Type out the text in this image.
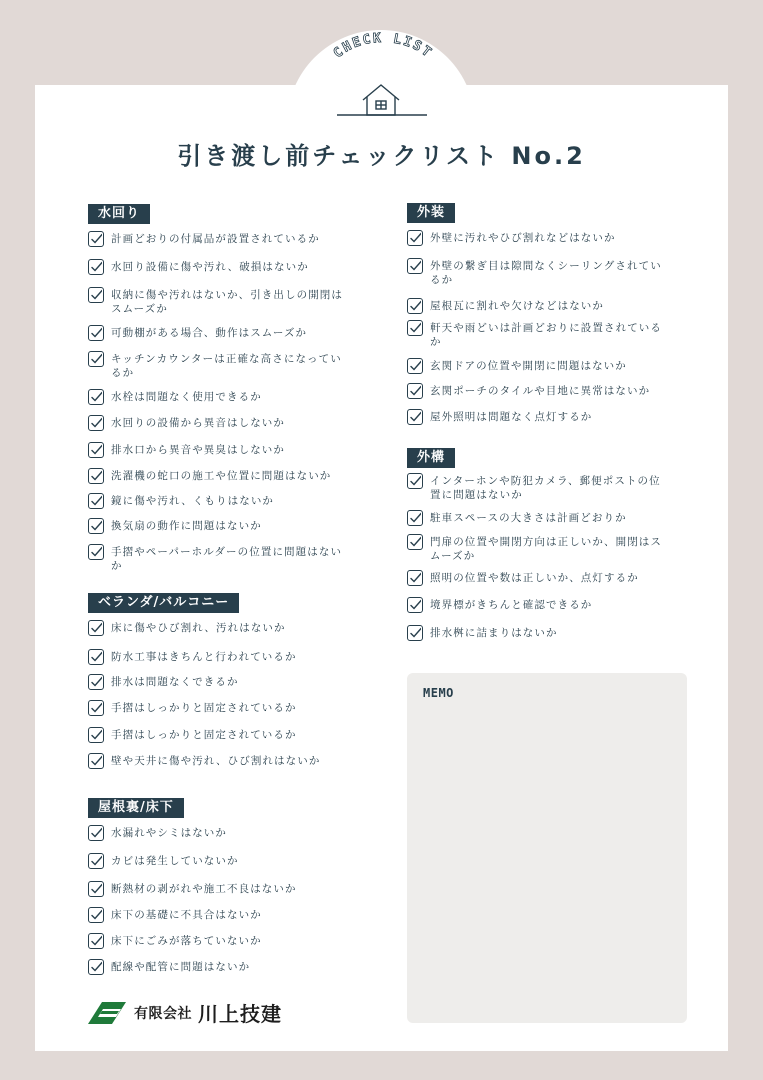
CHECK LIST
引き渡し前チェックリスト No.2
水回り
計画どおりの付属品が設置されているか
水回り設備に傷や汚れ、破損はないか
収納に傷や汚れはないか、引き出しの開閉は
スムーズか
可動棚がある場合、動作はスムーズか
キッチンカウンターは正確な高さになってい
るか
水栓は問題なく使用できるか
水回りの設備から異音はしないか
排水口から異音や異臭はしないか
洗濯機の蛇口の施工や位置に問題はないか
鏡に傷や汚れ、くもりはないか
換気扇の動作に問題はないか
手摺やペーパーホルダーの位置に問題はない
か
ベランダ/バルコニー
床に傷やひび割れ、汚れはないか
防水工事はきちんと行われているか
排水は問題なくできるか
手摺はしっかりと固定されているか
手摺はしっかりと固定されているか
壁や天井に傷や汚れ、ひび割れはないか
屋根裏/床下
水漏れやシミはないか
カビは発生していないか
断熱材の剥がれや施工不良はないか
床下の基礎に不具合はないか
床下にごみが落ちていないか
配線や配管に問題はないか
外装
外壁に汚れやひび割れなどはないか
外壁の繋ぎ目は隙間なくシーリングされてい
るか
屋根瓦に割れや欠けなどはないか
軒天や雨どいは計画どおりに設置されている
か
玄関ドアの位置や開閉に問題はないか
玄関ポーチのタイルや目地に異常はないか
屋外照明は問題なく点灯するか
外構
インターホンや防犯カメラ、郵便ポストの位
置に問題はないか
駐車スペースの大きさは計画どおりか
門扉の位置や開閉方向は正しいか、開閉はス
ムーズか
照明の位置や数は正しいか、点灯するか
境界標がきちんと確認できるか
排水桝に詰まりはないか
MEMO
有限会社 川上技建
